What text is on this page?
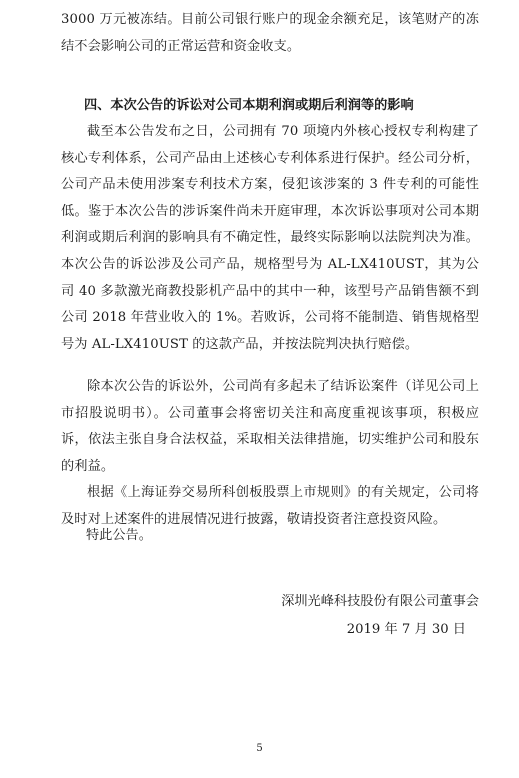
3000 万元被冻结。目前公司银行账户的现金余额充足，该笔财产的冻结不会影响公司的正常运营和资金收支。
四、本次公告的诉讼对公司本期利润或期后利润等的影响
截至本公告发布之日，公司拥有 70 项境内外核心授权专利构建了核心专利体系，公司产品由上述核心专利体系进行保护。经公司分析，公司产品未使用涉案专利技术方案，侵犯该涉案的 3 件专利的可能性低。鉴于本次公告的涉诉案件尚未开庭审理，本次诉讼事项对公司本期利润或期后利润的影响具有不确定性，最终实际影响以法院判决为准。本次公告的诉讼涉及公司产品，规格型号为 AL-LX410UST，其为公司 40 多款激光商教投影机产品中的其中一种，该型号产品销售额不到公司 2018 年营业收入的 1%。若败诉，公司将不能制造、销售规格型号为 AL-LX410UST 的这款产品，并按法院判决执行赔偿。
除本次公告的诉讼外，公司尚有多起未了结诉讼案件（详见公司上市招股说明书）。公司董事会将密切关注和高度重视该事项，积极应诉，依法主张自身合法权益，采取相关法律措施，切实维护公司和股东的利益。
根据《上海证券交易所科创板股票上市规则》的有关规定，公司将及时对上述案件的进展情况进行披露，敬请投资者注意投资风险。
特此公告。
深圳光峰科技股份有限公司董事会
2019 年 7 月 30 日
5
